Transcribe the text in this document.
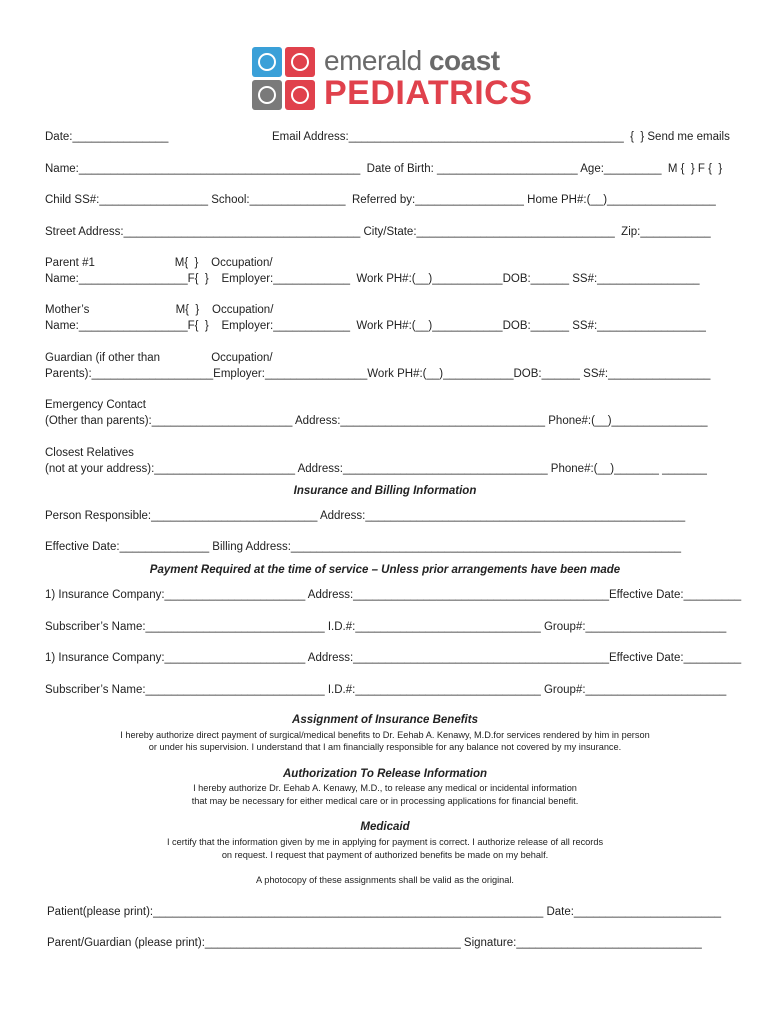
emerald coast
PEDIATRICS
Date:_______________	Email Address:___________________________________________  {  } Send me emails
Name:____________________________________________  Date of Birth: ______________________ Age:_________  M {  } F {  }
Child SS#:_________________ School:_______________  Referred by:_________________ Home PH#:(__)_________________
Street Address:_____________________________________ City/State:_______________________________  Zip:___________
Parent #1                         M{  }    Occupation/
Name:_________________F{  }    Employer:____________  Work PH#:(__)___________DOB:______ SS#:________________
Mother’s                           M{  }    Occupation/
Name:_________________F{  }    Employer:____________  Work PH#:(__)___________DOB:______ SS#:_________________
Guardian (if other than                Occupation/
Parents):___________________Employer:________________Work PH#:(__)___________DOB:______ SS#:________________
Emergency Contact
(Other than parents):______________________ Address:________________________________ Phone#:(__)_______________
Closest Relatives
(not at your address):______________________ Address:________________________________ Phone#:(__)_______ _______
Insurance and Billing Information
Person Responsible:__________________________ Address:__________________________________________________
Effective Date:______________ Billing Address:_____________________________________________________________
Payment Required at the time of service – Unless prior arrangements have been made
1) Insurance Company:______________________ Address:________________________________________Effective Date:_________
Subscriber’s Name:____________________________ I.D.#:_____________________________ Group#:______________________
1) Insurance Company:______________________ Address:________________________________________Effective Date:_________
Subscriber’s Name:____________________________ I.D.#:_____________________________ Group#:______________________
Assignment of Insurance Benefits
I hereby authorize direct payment of surgical/medical benefits to Dr. Eehab A. Kenawy, M.D.for services rendered by him in person
or under his supervision. I understand that I am financially responsible for any balance not covered by my insurance.
Authorization To Release Information
I hereby authorize Dr. Eehab A. Kenawy, M.D., to release any medical or incidental information
that may be necessary for either medical care or in processing applications for financial benefit.
Medicaid
I certify that the information given by me in applying for payment is correct. I authorize release of all records
on request. I request that payment of authorized benefits be made on my behalf.
A photocopy of these assignments shall be valid as the original.
Patient(please print):_____________________________________________________________ Date:_______________________
Parent/Guardian (please print):________________________________________ Signature:_____________________________
